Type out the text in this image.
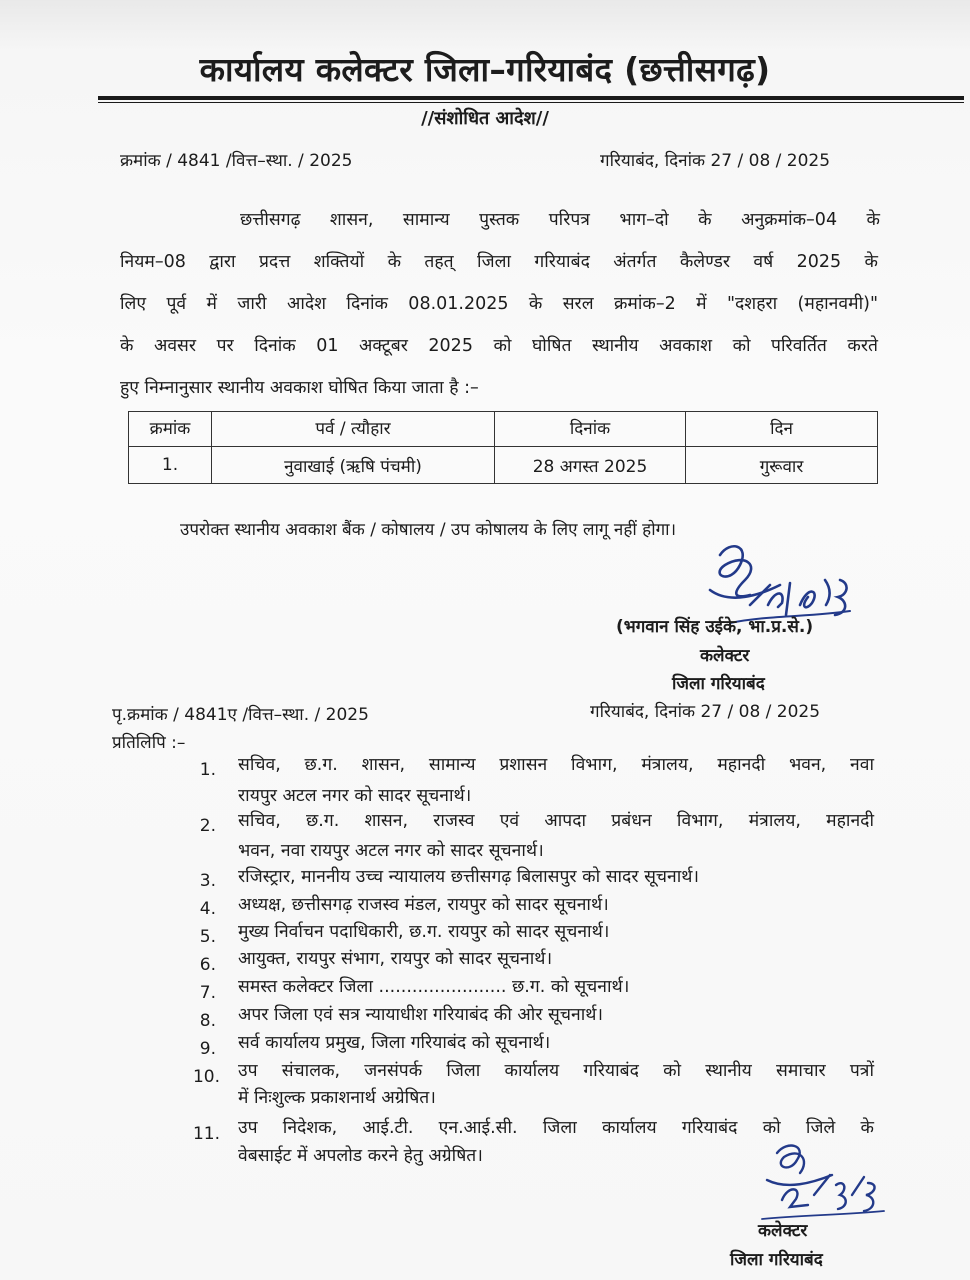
कार्यालय कलेक्टर जिला–गरियाबंद (छत्तीसगढ़)
//संशोधित आदेश//
क्रमांक / 4841 /वित्त–स्था. / 2025	गरियाबंद, दिनांक 27 / 08 / 2025
छत्तीसगढ़ शासन, सामान्य पुस्तक परिपत्र भाग–दो के अनुक्रमांक–04 के
नियम–08 द्वारा प्रदत्त शक्तियों के तहत् जिला गरियाबंद अंतर्गत कैलेण्डर वर्ष 2025 के
लिए पूर्व में जारी आदेश दिनांक 08.01.2025 के सरल क्रमांक–2 में "दशहरा (महानवमी)"
के अवसर पर दिनांक 01 अक्टूबर 2025 को घोषित स्थानीय अवकाश को परिवर्तित करते
हुए निम्नानुसार स्थानीय अवकाश घोषित किया जाता है :–
क्रमांक	पर्व / त्यौहार	दिनांक	दिन
1.	नुवाखाई (ऋषि पंचमी)	28 अगस्त 2025	गुरूवार
उपरोक्त स्थानीय अवकाश बैंक / कोषालय / उप कोषालय के लिए लागू नहीं होगा।
(भगवान सिंह उईके, भा.प्र.से.)
कलेक्टर
जिला गरियाबंद
पृ.क्रमांक / 4841ए /वित्त–स्था. / 2025	गरियाबंद, दिनांक 27 / 08 / 2025
प्रतिलिपि :–
1. सचिव, छ.ग. शासन, सामान्य प्रशासन विभाग, मंत्रालय, महानदी भवन, नवा
रायपुर अटल नगर को सादर सूचनार्थ।
2. सचिव, छ.ग. शासन, राजस्व एवं आपदा प्रबंधन विभाग, मंत्रालय, महानदी
भवन, नवा रायपुर अटल नगर को सादर सूचनार्थ।
3. रजिस्ट्रार, माननीय उच्च न्यायालय छत्तीसगढ़ बिलासपुर को सादर सूचनार्थ।
4. अध्यक्ष, छत्तीसगढ़ राजस्व मंडल, रायपुर को सादर सूचनार्थ।
5. मुख्य निर्वाचन पदाधिकारी, छ.ग. रायपुर को सादर सूचनार्थ।
6. आयुक्त, रायपुर संभाग, रायपुर को सादर सूचनार्थ।
7. समस्त कलेक्टर जिला ....................... छ.ग. को सूचनार्थ।
8. अपर जिला एवं सत्र न्यायाधीश गरियाबंद की ओर सूचनार्थ।
9. सर्व कार्यालय प्रमुख, जिला गरियाबंद को सूचनार्थ।
10. उप संचालक, जनसंपर्क जिला कार्यालय गरियाबंद को स्थानीय समाचार पत्रों
में निःशुल्क प्रकाशनार्थ अग्रेषित।
11. उप निदेशक, आई.टी. एन.आई.सी. जिला कार्यालय गरियाबंद को जिले के
वेबसाईट में अपलोड करने हेतु अग्रेषित।
कलेक्टर
जिला गरियाबंद
